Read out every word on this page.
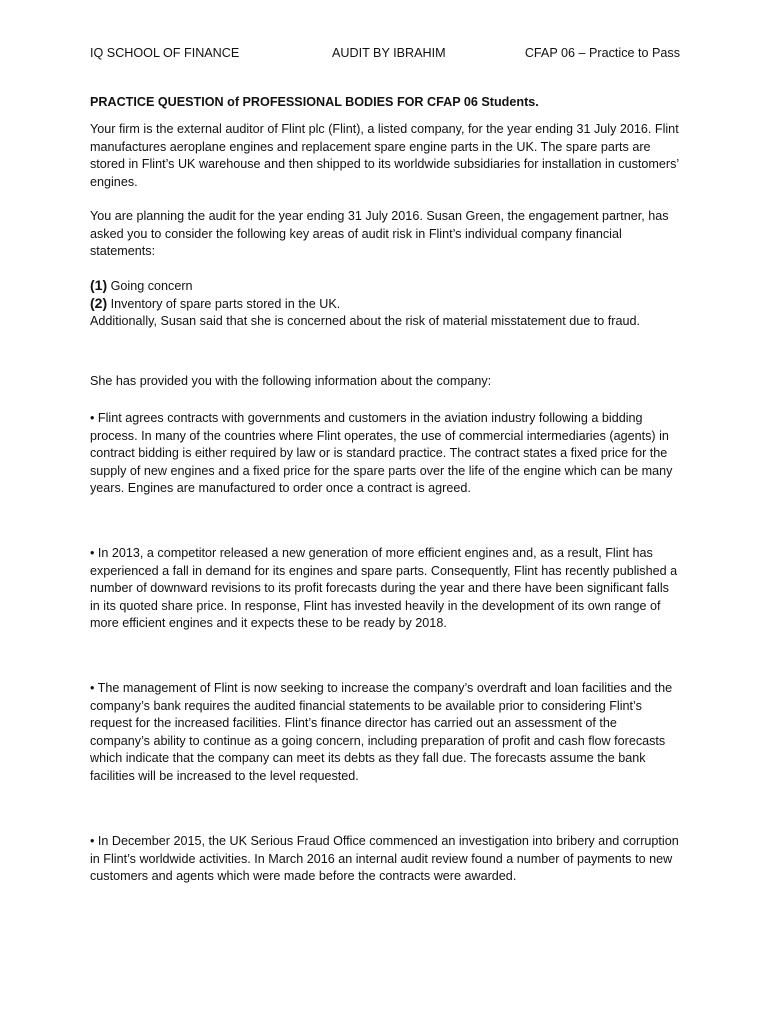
IQ SCHOOL OF FINANCE	AUDIT BY IBRAHIM	CFAP 06 – Practice to Pass
PRACTICE QUESTION of PROFESSIONAL BODIES FOR CFAP 06 Students.
Your firm is the external auditor of Flint plc (Flint), a listed company, for the year ending 31 July 2016. Flint manufactures aeroplane engines and replacement spare engine parts in the UK. The spare parts are stored in Flint’s UK warehouse and then shipped to its worldwide subsidiaries for installation in customers’ engines.
You are planning the audit for the year ending 31 July 2016. Susan Green, the engagement partner, has asked you to consider the following key areas of audit risk in Flint’s individual company financial statements:
(1) Going concern
(2) Inventory of spare parts stored in the UK.
Additionally, Susan said that she is concerned about the risk of material misstatement due to fraud.
She has provided you with the following information about the company:
• Flint agrees contracts with governments and customers in the aviation industry following a bidding process. In many of the countries where Flint operates, the use of commercial intermediaries (agents) in contract bidding is either required by law or is standard practice. The contract states a fixed price for the supply of new engines and a fixed price for the spare parts over the life of the engine which can be many years. Engines are manufactured to order once a contract is agreed.
• In 2013, a competitor released a new generation of more efficient engines and, as a result, Flint has experienced a fall in demand for its engines and spare parts. Consequently, Flint has recently published a number of downward revisions to its profit forecasts during the year and there have been significant falls in its quoted share price. In response, Flint has invested heavily in the development of its own range of more efficient engines and it expects these to be ready by 2018.
• The management of Flint is now seeking to increase the company’s overdraft and loan facilities and the company’s bank requires the audited financial statements to be available prior to considering Flint’s request for the increased facilities. Flint’s finance director has carried out an assessment of the company’s ability to continue as a going concern, including preparation of profit and cash flow forecasts which indicate that the company can meet its debts as they fall due. The forecasts assume the bank facilities will be increased to the level requested.
• In December 2015, the UK Serious Fraud Office commenced an investigation into bribery and corruption in Flint’s worldwide activities. In March 2016 an internal audit review found a number of payments to new customers and agents which were made before the contracts were awarded.
